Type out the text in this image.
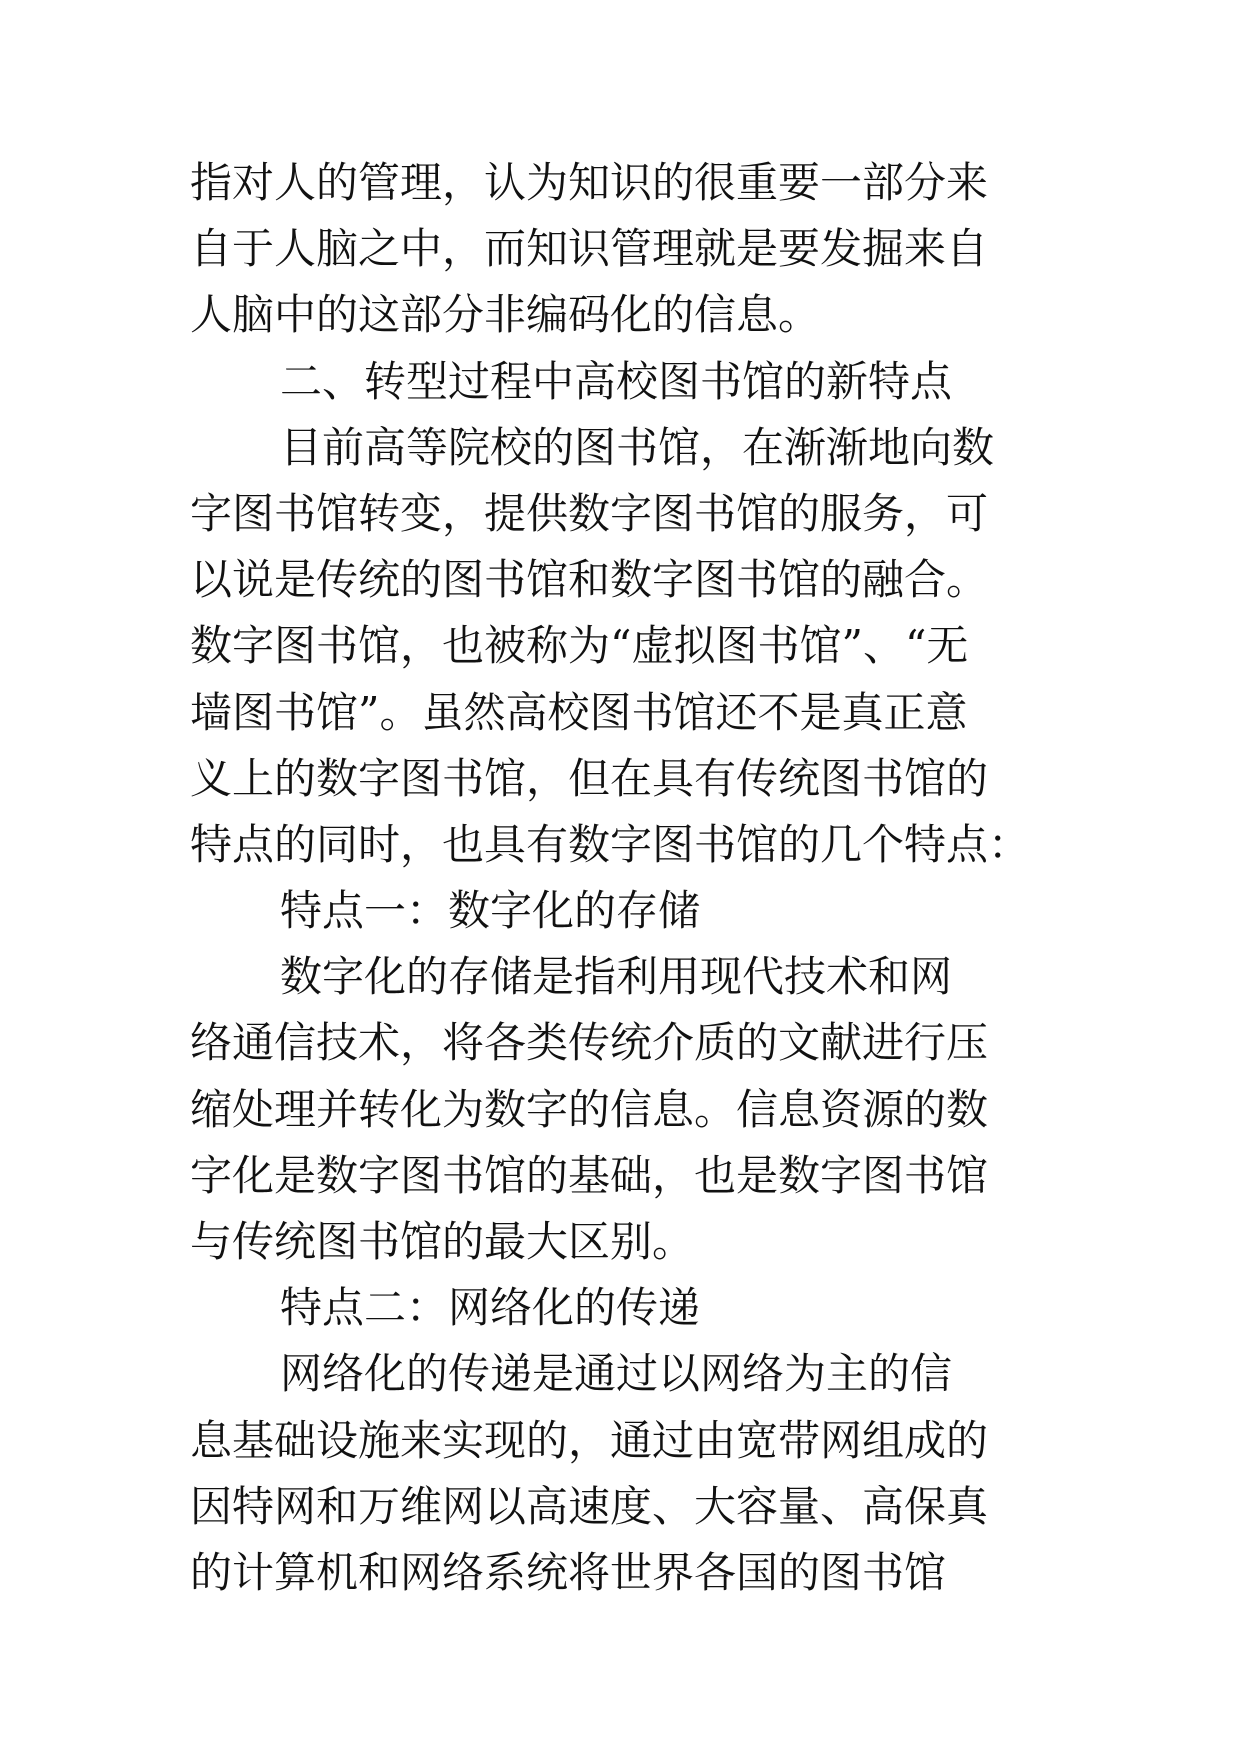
指对人的管理，认为知识的很重要一部分来
自于人脑之中，而知识管理就是要发掘来自
人脑中的这部分非编码化的信息。
二、转型过程中高校图书馆的新特点
目前高等院校的图书馆，在渐渐地向数
字图书馆转变，提供数字图书馆的服务，可
以说是传统的图书馆和数字图书馆的融合。
数字图书馆，也被称为“虚拟图书馆”、“无
墙图书馆”。虽然高校图书馆还不是真正意
义上的数字图书馆，但在具有传统图书馆的
特点的同时，也具有数字图书馆的几个特点：
特点一：数字化的存储
数字化的存储是指利用现代技术和网
络通信技术，将各类传统介质的文献进行压
缩处理并转化为数字的信息。信息资源的数
字化是数字图书馆的基础，也是数字图书馆
与传统图书馆的最大区别。
特点二：网络化的传递
网络化的传递是通过以网络为主的信
息基础设施来实现的，通过由宽带网组成的
因特网和万维网以高速度、大容量、高保真
的计算机和网络系统将世界各国的图书馆
